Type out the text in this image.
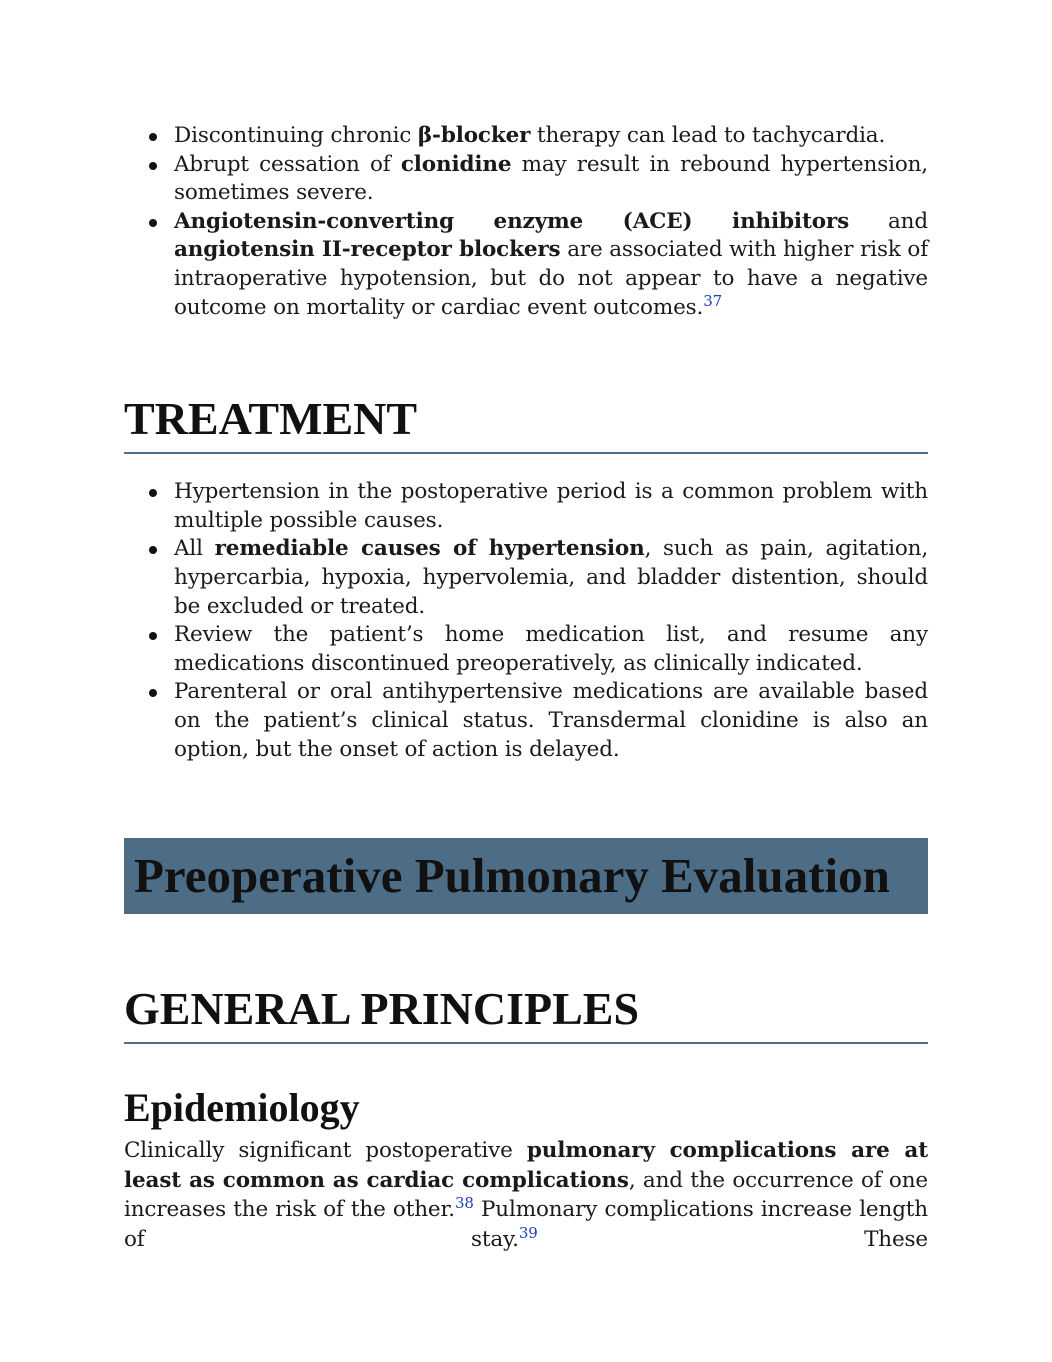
Discontinuing chronic β-blocker therapy can lead to tachycardia.
Abrupt cessation of clonidine may result in rebound hypertension, sometimes severe.
Angiotensin-converting enzyme (ACE) inhibitors and angiotensin II-receptor blockers are associated with higher risk of intraoperative hypotension, but do not appear to have a negative outcome on mortality or cardiac event outcomes.$^{37}$
TREATMENT
Hypertension in the postoperative period is a common problem with multiple possible causes.
All remediable causes of hypertension, such as pain, agitation, hypercarbia, hypoxia, hypervolemia, and bladder distention, should be excluded or treated.
Review the patient’s home medication list, and resume any medications discontinued preoperatively, as clinically indicated.
Parenteral or oral antihypertensive medications are available based on the patient’s clinical status. Transdermal clonidine is also an option, but the onset of action is delayed.
Preoperative Pulmonary Evaluation
GENERAL PRINCIPLES
Epidemiology

Clinically significant postoperative pulmonary complications are at least as common as cardiac complications, and the occurrence of one increases the risk of the other.$^{38}$ Pulmonary complications increase length of stay.$^{39}$ These
